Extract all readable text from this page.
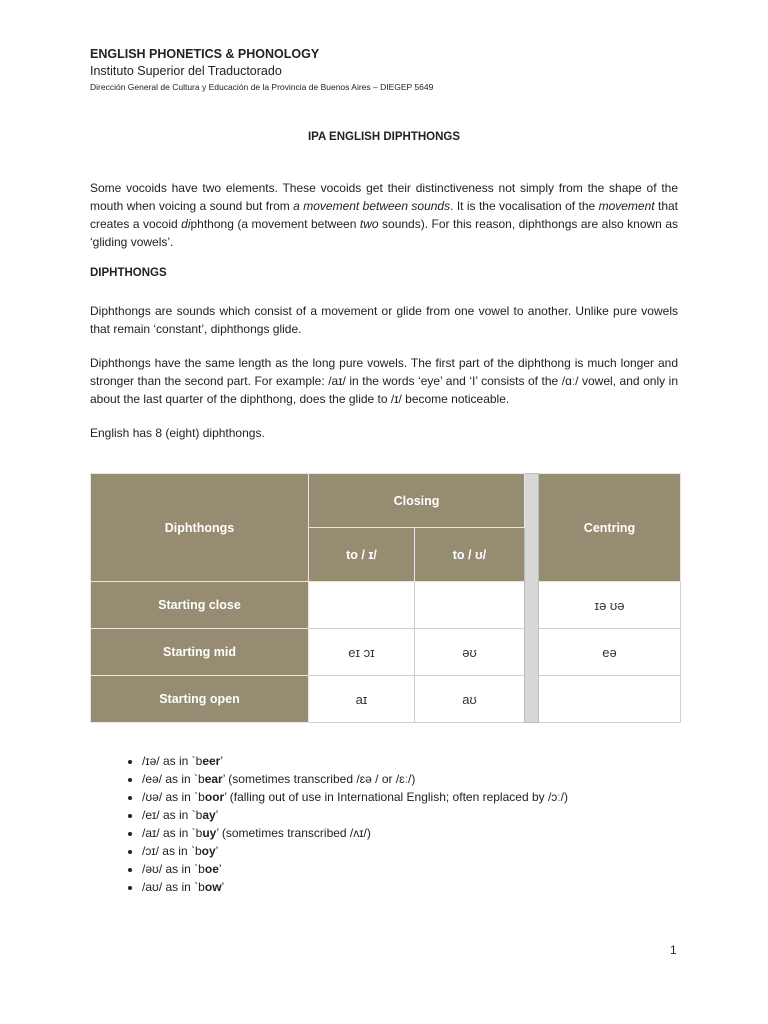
ENGLISH PHONETICS & PHONOLOGY
Instituto Superior del Traductorado
Dirección General de Cultura y Educación de la Provincia de Buenos Aires – DIEGEP 5649
IPA ENGLISH DIPHTHONGS
Some vocoids have two elements. These vocoids get their distinctiveness not simply from the shape of the mouth when voicing a sound but from a movement between sounds. It is the vocalisation of the movement that creates a vocoid diphthong (a movement between two sounds). For this reason, diphthongs are also known as ‘gliding vowels’.
DIPHTHONGS
Diphthongs are sounds which consist of a movement or glide from one vowel to another. Unlike pure vowels that remain ‘constant’, diphthongs glide.
Diphthongs have the same length as the long pure vowels. The first part of the diphthong is much longer and stronger than the second part. For example: /aɪ/ in the words ‘eye’ and ‘I’ consists of the /ɑː/ vowel, and only in about the last quarter of the diphthong, does the glide to /ɪ/ become noticeable.
English has 8 (eight) diphthongs.
Diphthongs	Closing			Centring
	to / ɪ/	to / ʊ/		
Starting close				ɪə ʊə
Starting mid	eɪ ɔɪ	əʊ		eə
Starting open	aɪ	aʊ		
• /ɪə/ as in `beer’
• /eə/ as in `bear’ (sometimes transcribed /ɛə / or /ɛː/)
• /ʊə/ as in `boor’ (falling out of use in International English; often replaced by /ɔː/)
• /eɪ/ as in `bay’
• /aɪ/ as in `buy’ (sometimes transcribed /ʌɪ/)
• /ɔɪ/ as in `boy’
• /əʊ/ as in `boe’
• /aʊ/ as in `bow’
1
